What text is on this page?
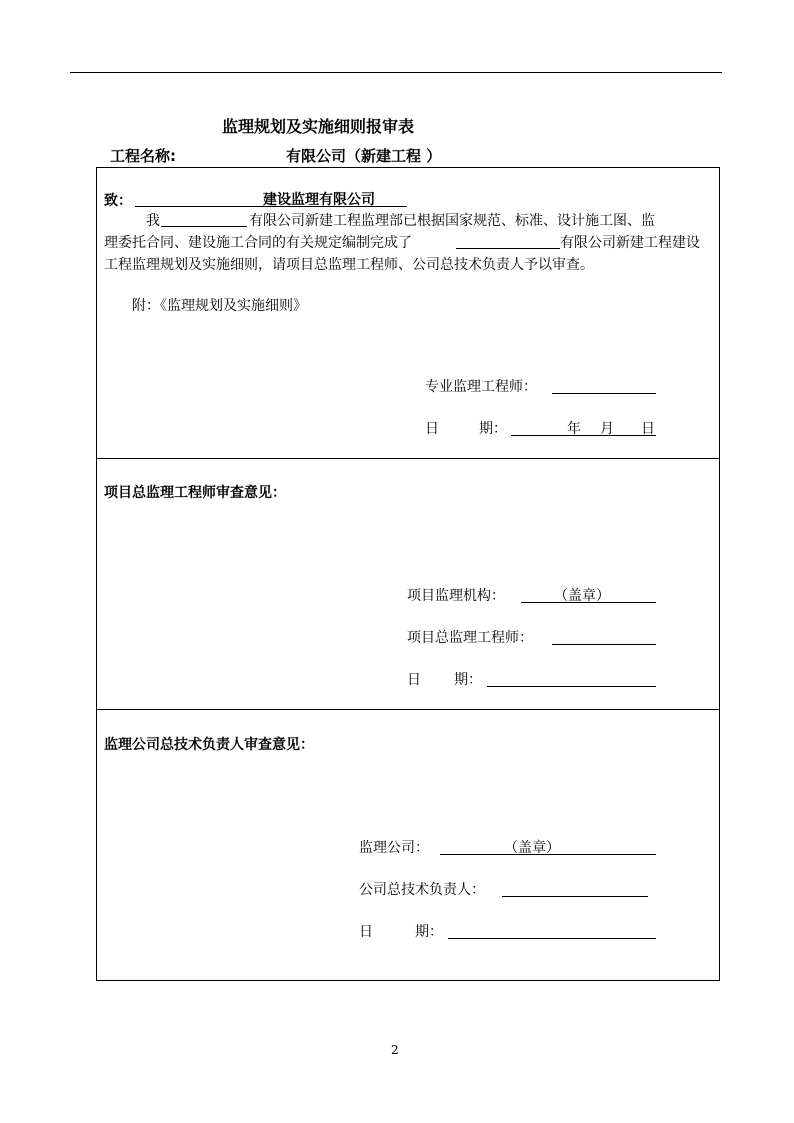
监理规划及实施细则报审表
工程名称:	有限公司（新建工程 ）
致：	建设监理有限公司
我	有限公司新建工程监理部已根据国家规范、标准、设计施工图、监
理委托合同、建设施工合同的有关规定编制完成了	有限公司新建工程建设
工程监理规划及实施细则，请项目总监理工程师、公司总技术负责人予以审查。
附：《监理规划及实施细则》
专业监理工程师：
日	期：	年 月 日
项目总监理工程师审查意见：
项目监理机构：	（盖章）
项目总监理工程师：
日 期：
监理公司总技术负责人审查意见：
监理公司：	（盖章）
公司总技术负责人：
日	期：
2
